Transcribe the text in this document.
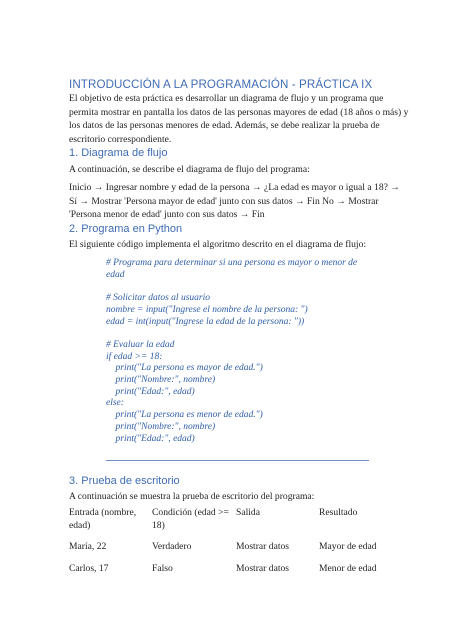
INTRODUCCIÓN A LA PROGRAMACIÓN - PRÁCTICA IX
El objetivo de esta práctica es desarrollar un diagrama de flujo y un programa que permita mostrar en pantalla los datos de las personas mayores de edad (18 años o más) y los datos de las personas menores de edad. Además, se debe realizar la prueba de escritorio correspondiente.
1. Diagrama de flujo
A continuación, se describe el diagrama de flujo del programa:
Inicio → Ingresar nombre y edad de la persona → ¿La edad es mayor o igual a 18? → Sí → Mostrar 'Persona mayor de edad' junto con sus datos → Fin No → Mostrar 'Persona menor de edad' junto con sus datos → Fin
2. Programa en Python
El siguiente código implementa el algoritmo descrito en el diagrama de flujo:
# Programa para determinar si una persona es mayor o menor de edad
# Solicitar datos al usuario
nombre = input("Ingrese el nombre de la persona: ")
edad = int(input("Ingrese la edad de la persona: "))
# Evaluar la edad
if edad >= 18:
print("La persona es mayor de edad.")
print("Nombre:", nombre)
print("Edad:", edad)
else:
print("La persona es menor de edad.")
print("Nombre:", nombre)
print("Edad:", edad)
3. Prueba de escritorio
A continuación se muestra la prueba de escritorio del programa:
Entrada (nombre, edad)	Condición (edad >= 18)	Salida	Resultado
María, 22	Verdadero	Mostrar datos	Mayor de edad
Carlos, 17	Falso	Mostrar datos	Menor de edad
